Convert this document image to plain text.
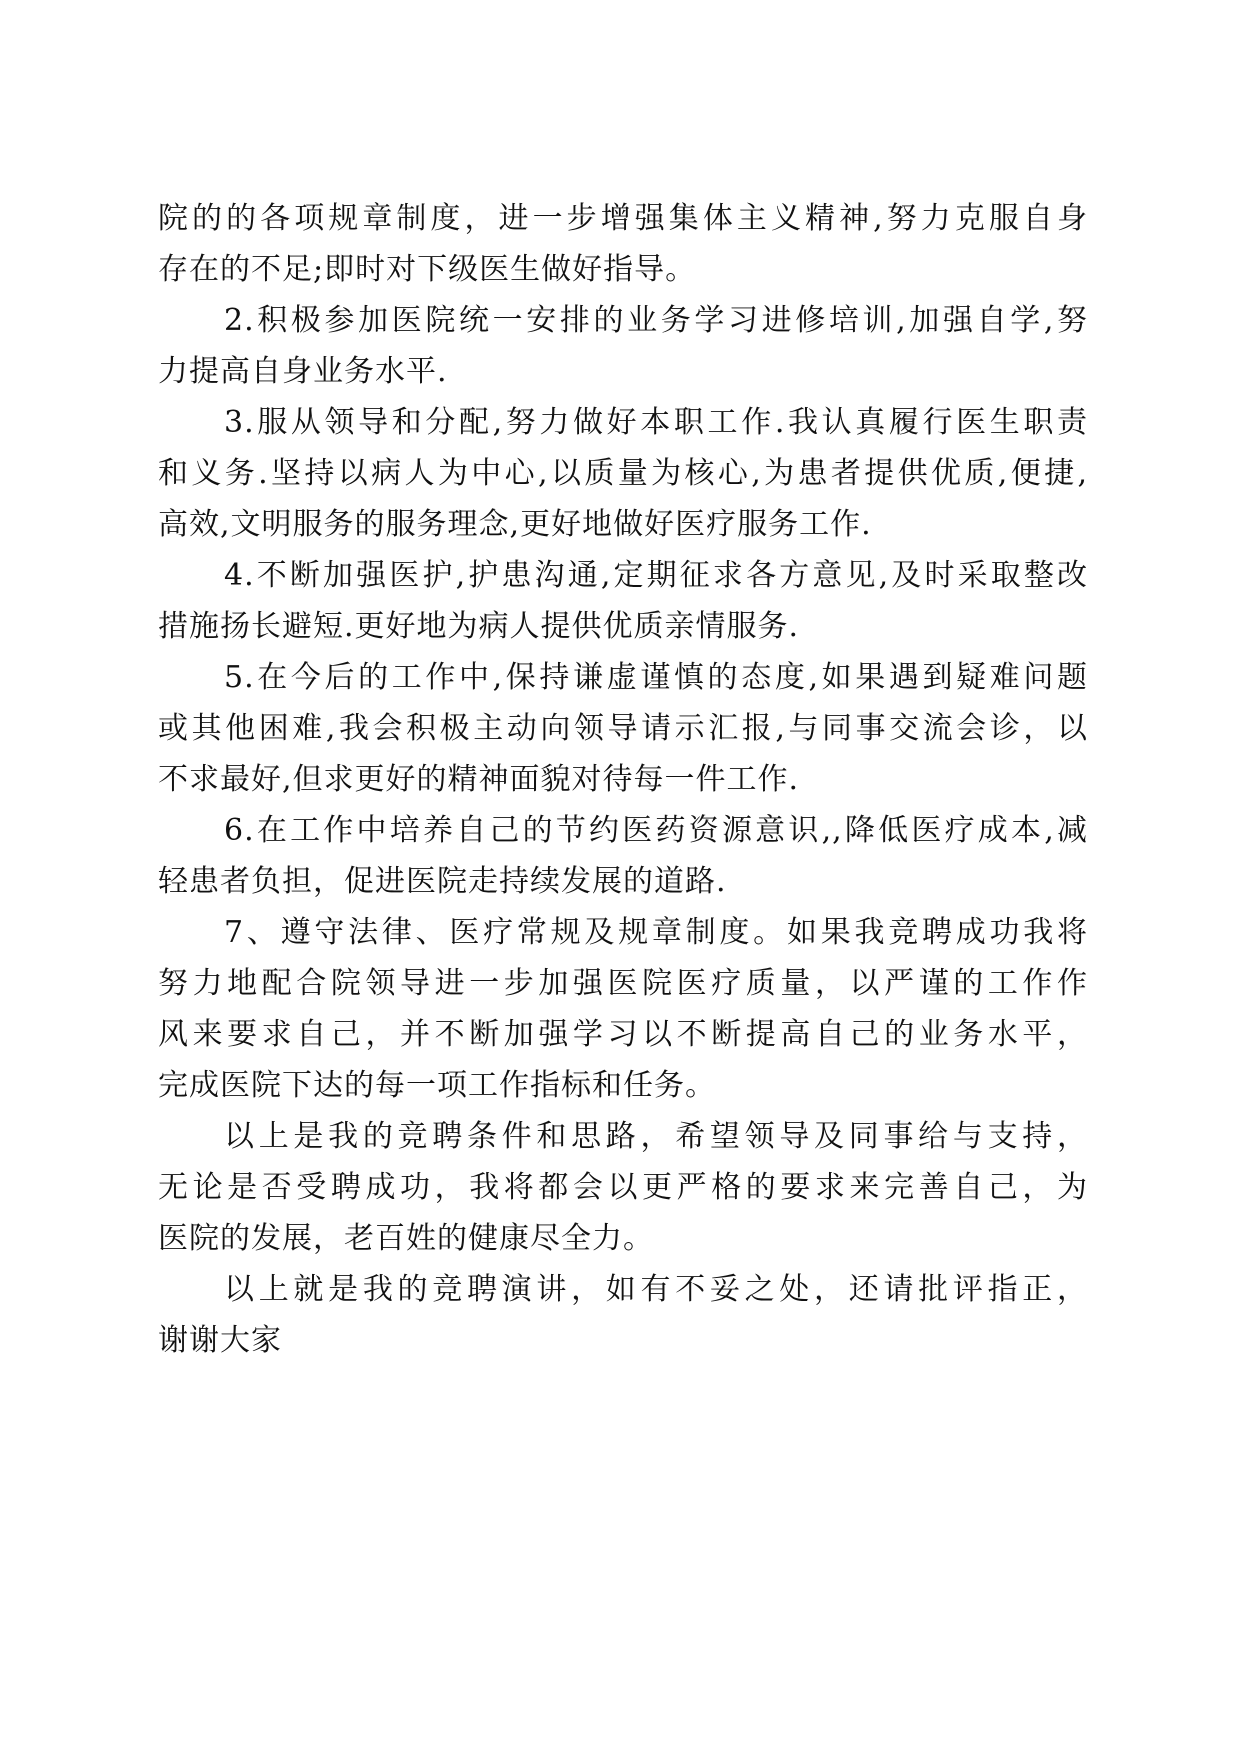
院的的各项规章制度，进一步增强集体主义精神,努力克服自身
存在的不足;即时对下级医生做好指导。
2.积极参加医院统一安排的业务学习进修培训,加强自学,努
力提高自身业务水平.
3.服从领导和分配,努力做好本职工作.我认真履行医生职责
和义务.坚持以病人为中心,以质量为核心,为患者提供优质,便捷,
高效,文明服务的服务理念,更好地做好医疗服务工作.
4.不断加强医护,护患沟通,定期征求各方意见,及时采取整改
措施扬长避短.更好地为病人提供优质亲情服务.
5.在今后的工作中,保持谦虚谨慎的态度,如果遇到疑难问题
或其他困难,我会积极主动向领导请示汇报,与同事交流会诊，以
不求最好,但求更好的精神面貌对待每一件工作.
6.在工作中培养自己的节约医药资源意识,,降低医疗成本,减
轻患者负担，促进医院走持续发展的道路.
7、遵守法律、医疗常规及规章制度。如果我竞聘成功我将
努力地配合院领导进一步加强医院医疗质量，以严谨的工作作
风来要求自己，并不断加强学习以不断提高自己的业务水平，
完成医院下达的每一项工作指标和任务。
以上是我的竞聘条件和思路，希望领导及同事给与支持，
无论是否受聘成功，我将都会以更严格的要求来完善自己，为
医院的发展，老百姓的健康尽全力。
以上就是我的竞聘演讲，如有不妥之处，还请批评指正，
谢谢大家
